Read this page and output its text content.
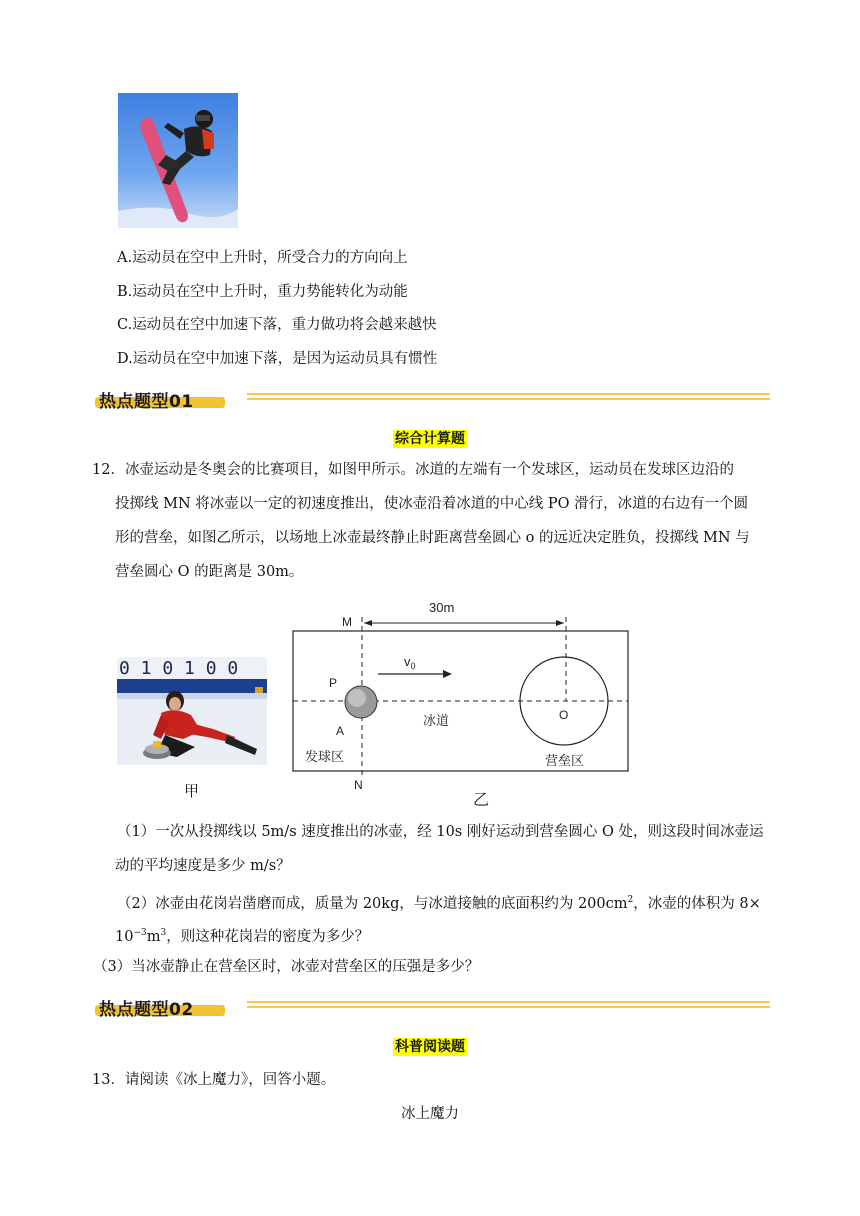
A.运动员在空中上升时，所受合力的方向向上
B.运动员在空中上升时，重力势能转化为动能
C.运动员在空中加速下落，重力做功将会越来越快
D.运动员在空中加速下落，是因为运动员具有惯性
热点题型01
综合计算题
12．冰壶运动是冬奥会的比赛项目，如图甲所示。冰道的左端有一个发球区，运动员在发球区边沿的
投掷线 MN 将冰壶以一定的初速度推出，使冰壶沿着冰道的中心线 PO 滑行，冰道的右边有一个圆
形的营垒，如图乙所示，以场地上冰壶最终静止时距离营垒圆心 o 的远近决定胜负，投掷线 MN 与
营垒圆心 O 的距离是 30m。
0 1 0 1 0 0
甲
M
N
P
A
O
30m
$v_0$
冰道
发球区	营垒区
乙
（1）一次从投掷线以 5m/s 速度推出的冰壶，经 10s 刚好运动到营垒圆心 O 处，则这段时间冰壶运
动的平均速度是多少 m/s？
（2）冰壶由花岗岩凿磨而成，质量为 20kg，与冰道接触的底面积约为 $200cm^2$，冰壶的体积为 8×
$10^{-3}m^3$，则这种花岗岩的密度为多少？
（3）当冰壶静止在营垒区时，冰壶对营垒区的压强是多少？
热点题型02
科普阅读题
13．请阅读《冰上魔力》，回答小题。
冰上魔力
